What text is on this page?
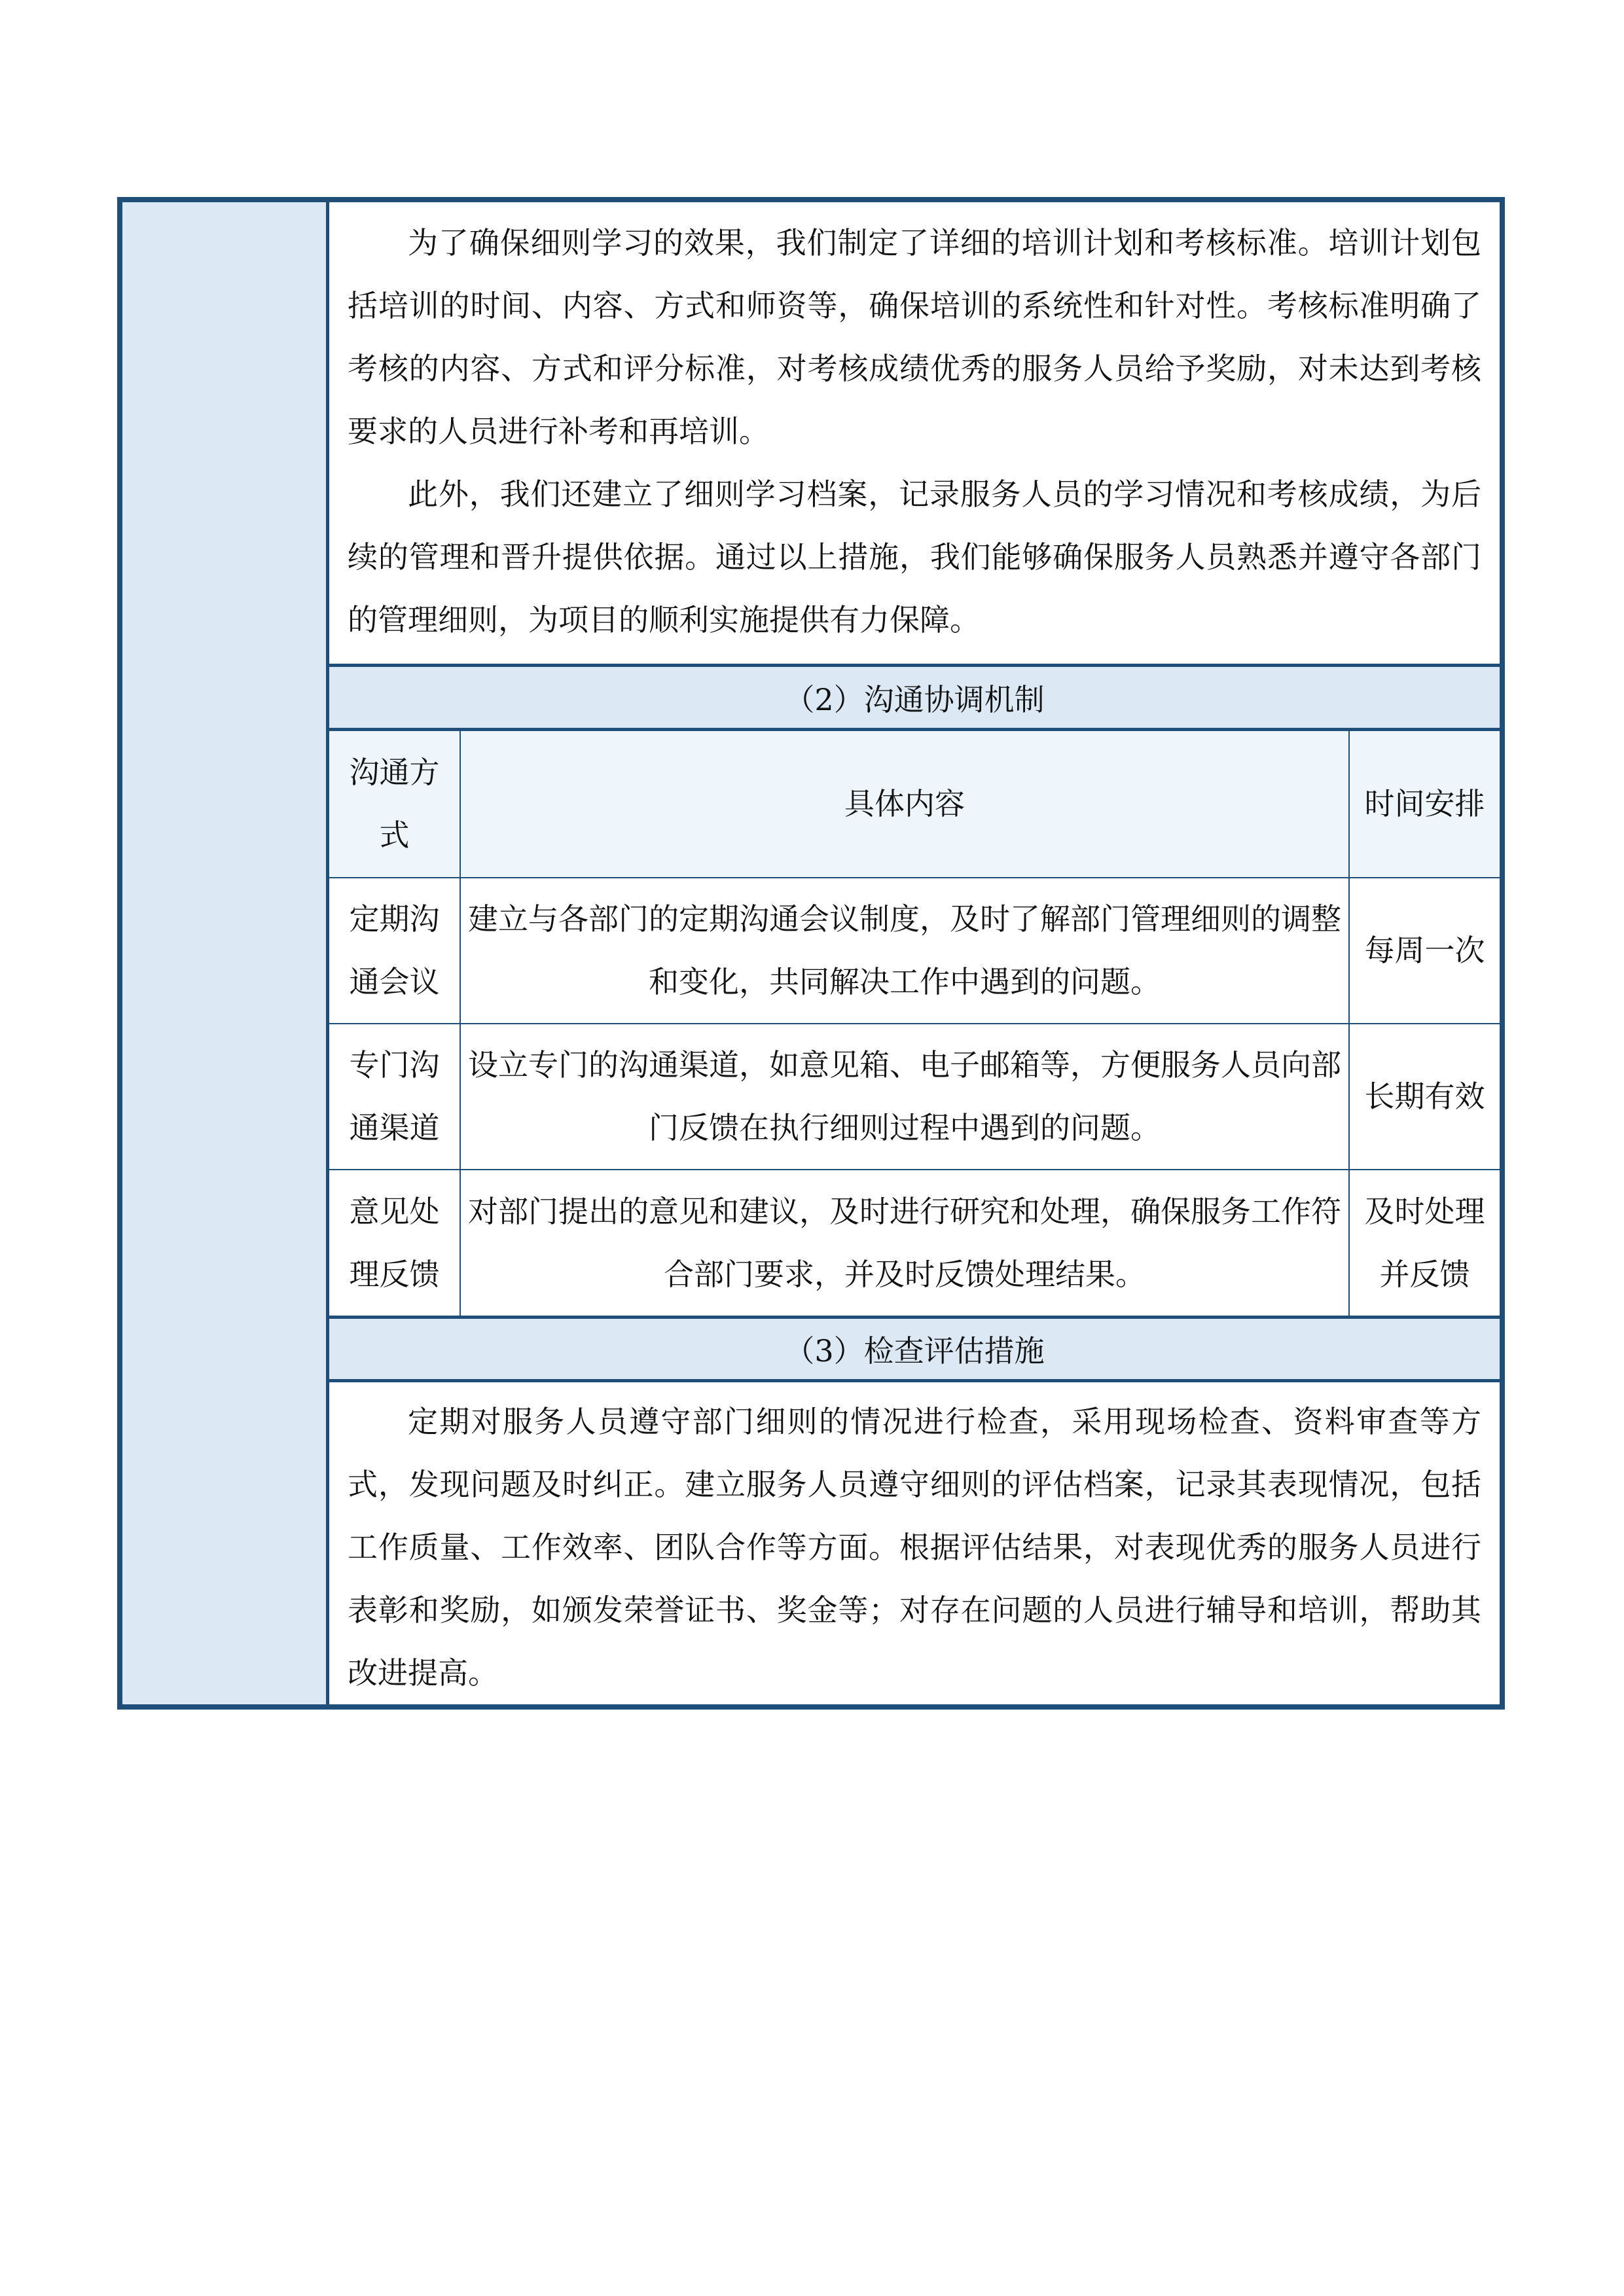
为了确保细则学习的效果，我们制定了详细的培训计划和考核标准。培训计划包括培训的时间、内容、方式和师资等，确保培训的系统性和针对性。考核标准明确了考核的内容、方式和评分标准，对考核成绩优秀的服务人员给予奖励，对未达到考核要求的人员进行补考和再培训。

此外，我们还建立了细则学习档案，记录服务人员的学习情况和考核成绩，为后续的管理和晋升提供依据。通过以上措施，我们能够确保服务人员熟悉并遵守各部门的管理细则，为项目的顺利实施提供有力保障。

（2）沟通协调机制
沟通方式	具体内容	时间安排
定期沟通会议	建立与各部门的定期沟通会议制度，及时了解部门管理细则的调整和变化，共同解决工作中遇到的问题。	每周一次
专门沟通渠道	设立专门的沟通渠道，如意见箱、电子邮箱等，方便服务人员向部门反馈在执行细则过程中遇到的问题。	长期有效
意见处理反馈	对部门提出的意见和建议，及时进行研究和处理，确保服务工作符合部门要求，并及时反馈处理结果。	及时处理并反馈
（3）检查评估措施

定期对服务人员遵守部门细则的情况进行检查，采用现场检查、资料审查等方式，发现问题及时纠正。建立服务人员遵守细则的评估档案，记录其表现情况，包括工作质量、工作效率、团队合作等方面。根据评估结果，对表现优秀的服务人员进行表彰和奖励，如颁发荣誉证书、奖金等；对存在问题的人员进行辅导和培训，帮助其改进提高。
